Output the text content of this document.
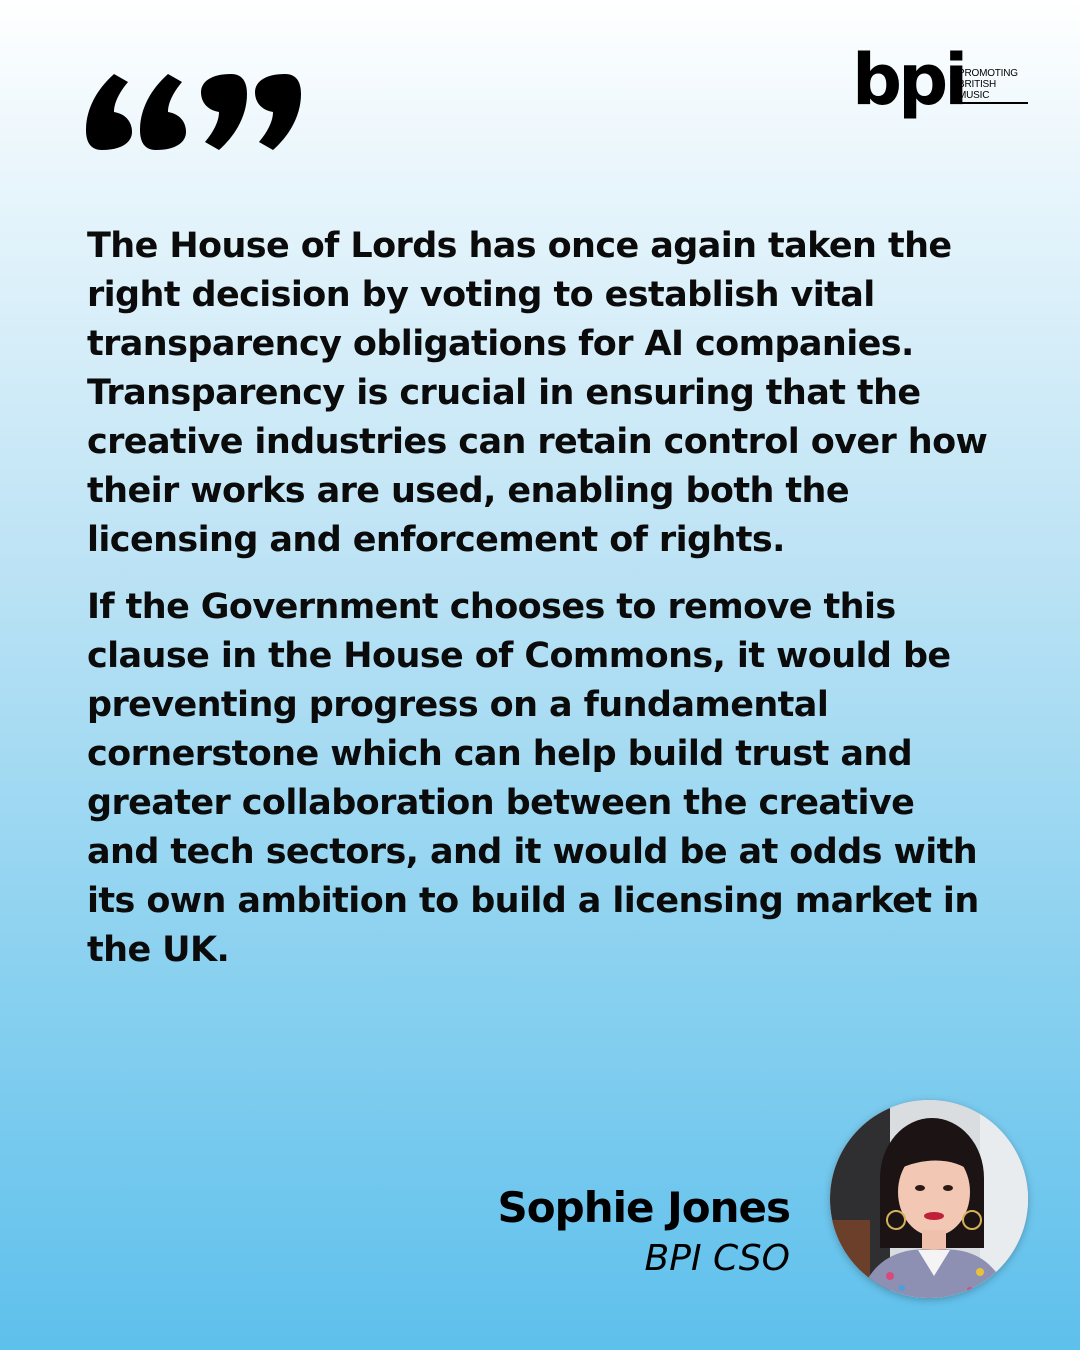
bpi
PROMOTING
BRITISH
MUSIC

The House of Lords has once again taken the right decision by voting to establish vital transparency obligations for AI companies. Transparency is crucial in ensuring that the creative industries can retain control over how their works are used, enabling both the licensing and enforcement of rights.

If the Government chooses to remove this clause in the House of Commons, it would be preventing progress on a fundamental cornerstone which can help build trust and greater collaboration between the creative and tech sectors, and it would be at odds with its own ambition to build a licensing market in the UK.

Sophie Jones
BPI CSO
